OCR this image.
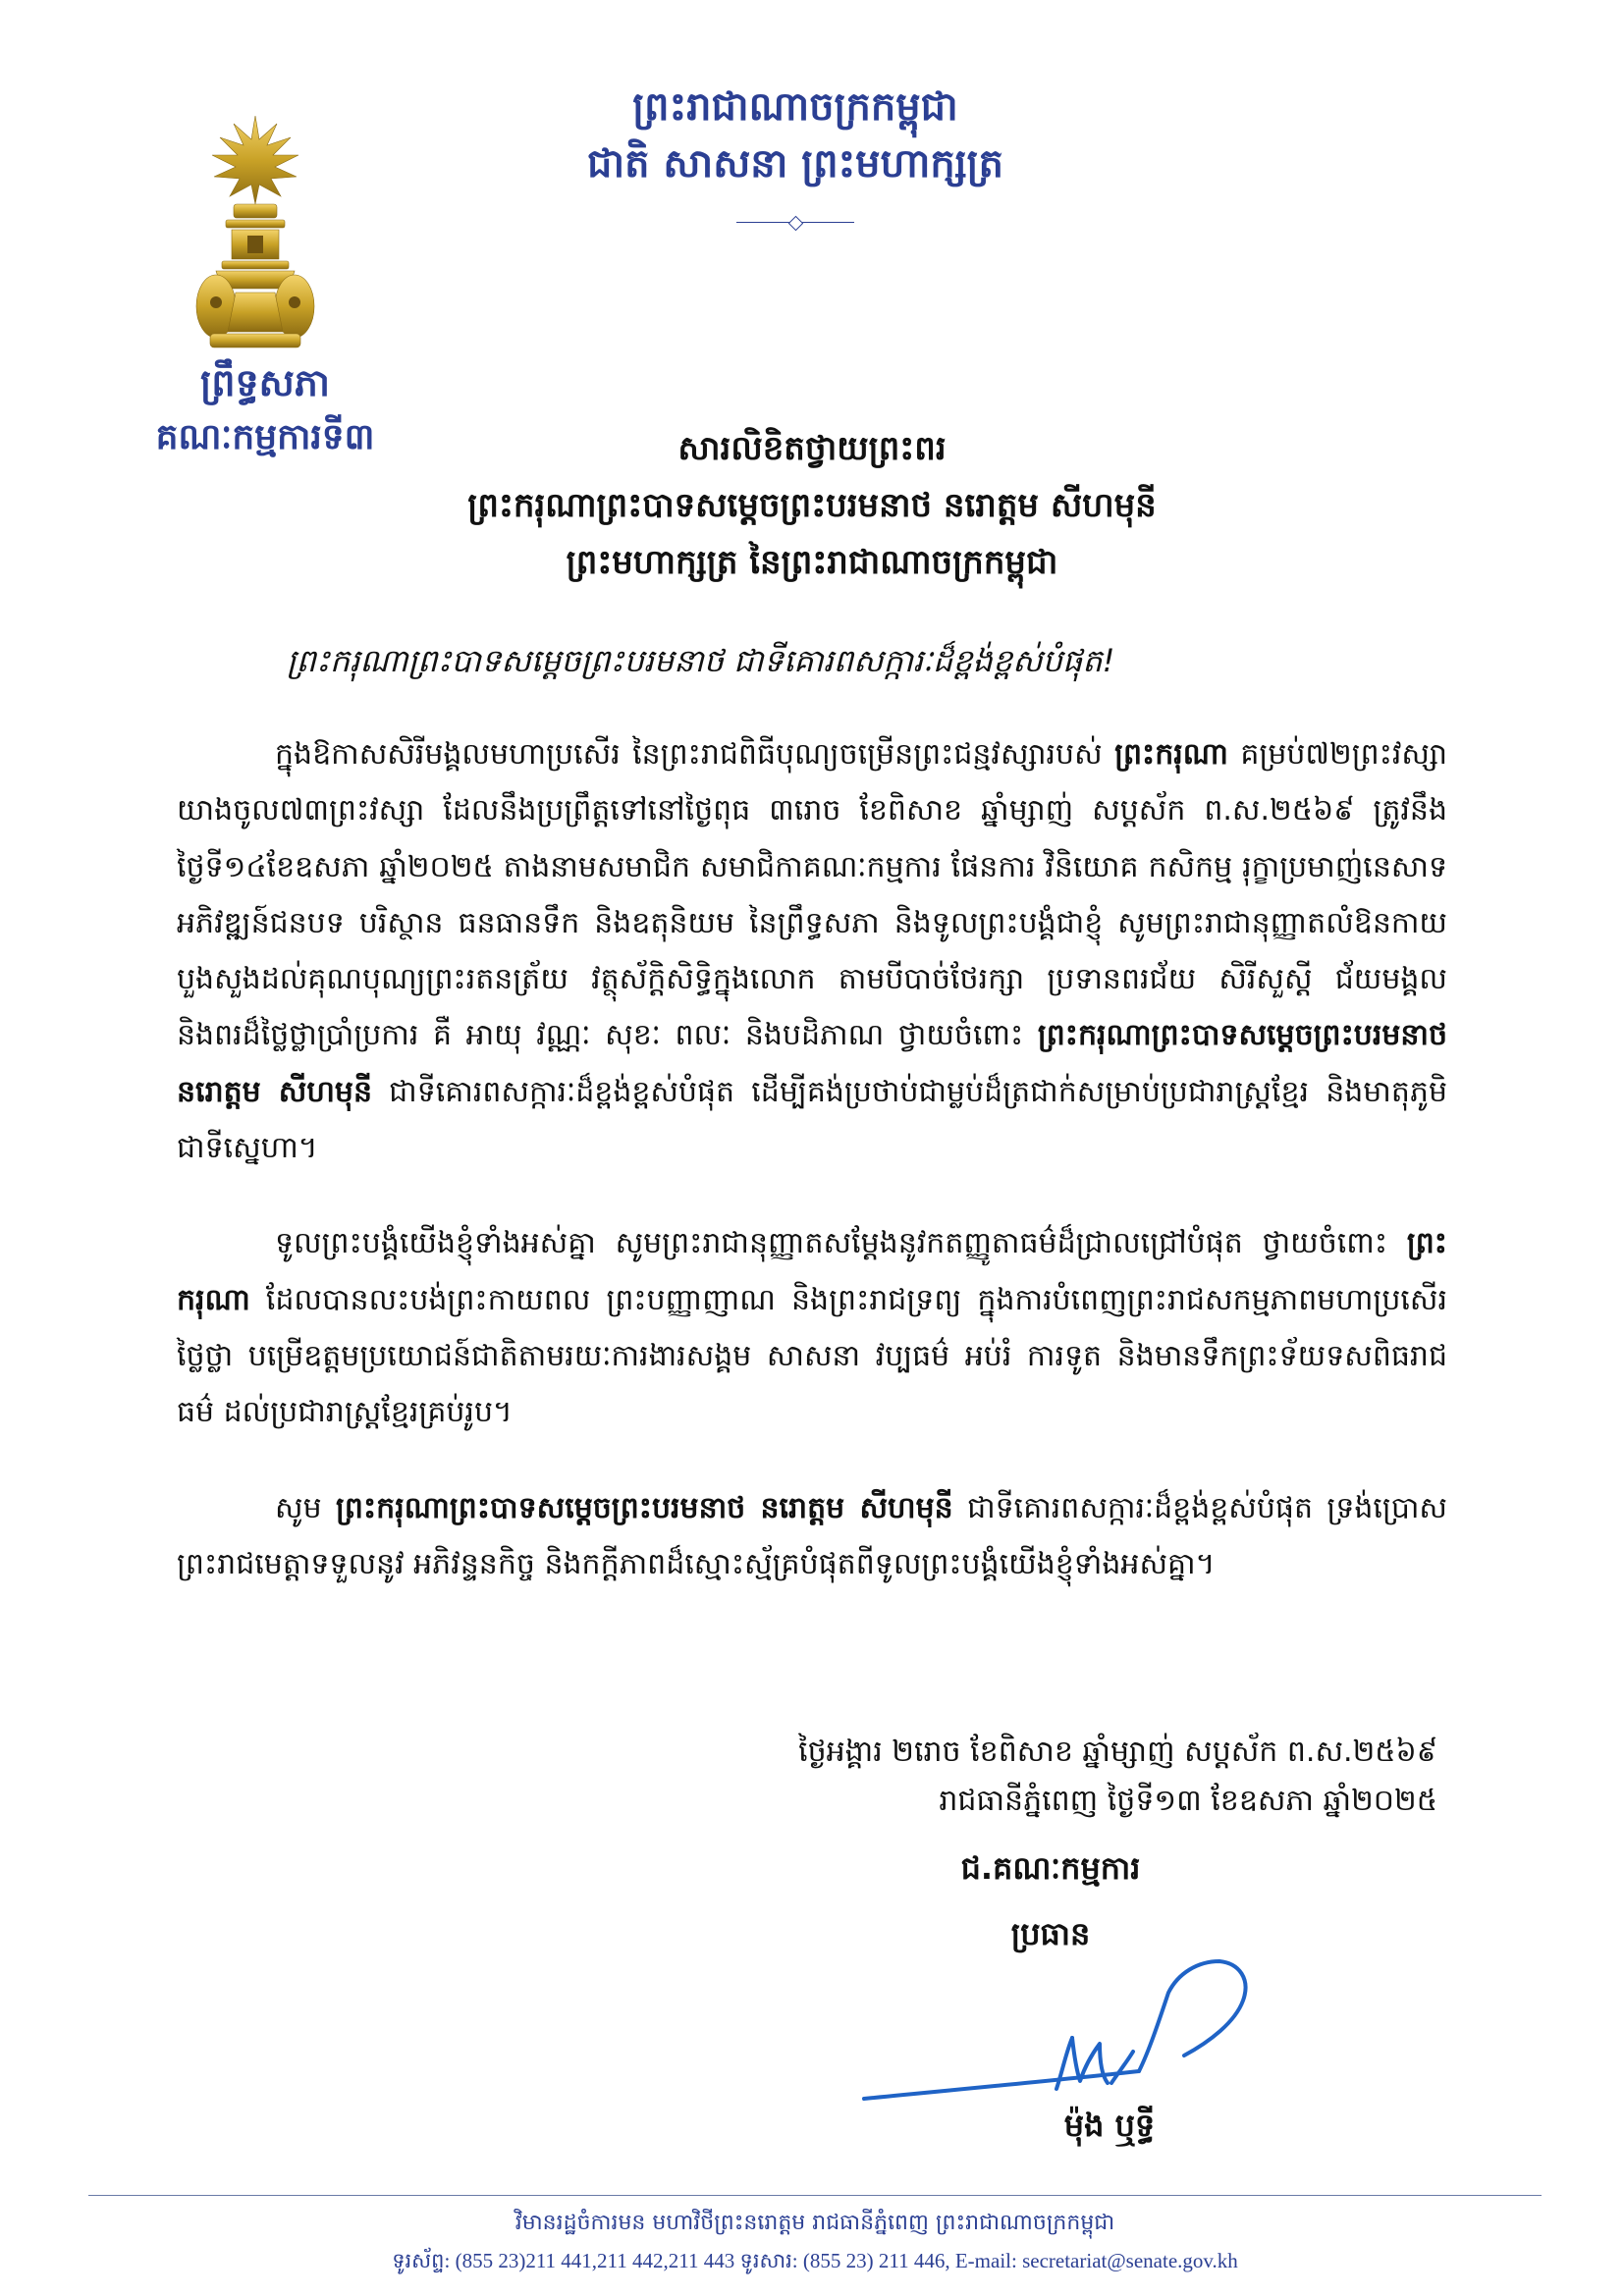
ព្រះរាជាណាចក្រកម្ពុជា
ជាតិ សាសនា ព្រះមហាក្សត្រ
ព្រឹទ្ធសភា
គណៈកម្មការទី៣	សារលិខិតថ្វាយព្រះពរ
ព្រះករុណាព្រះបាទសម្តេចព្រះបរមនាថ នរោត្តម សីហមុនី
ព្រះមហាក្សត្រ នៃព្រះរាជាណាចក្រកម្ពុជា
ព្រះករុណាព្រះបាទសម្តេចព្រះបរមនាថ ជាទីគោរពសក្ការៈដ៏ខ្ពង់ខ្ពស់បំផុត!

ក្នុងឱកាសសិរីមង្គលមហាប្រសើរ នៃព្រះរាជពិធីបុណ្យចម្រើនព្រះជន្មវស្សារបស់ ព្រះករុណា គម្រប់៧២ព្រះវស្សា យាងចូល៧៣ព្រះវស្សា ដែលនឹងប្រព្រឹត្តទៅនៅថ្ងៃពុធ ៣រោច ខែពិសាខ ឆ្នាំម្សាញ់ សប្តស័ក ព.ស.២៥៦៩ ត្រូវនឹងថ្ងៃទី១៤ខែឧសភា ឆ្នាំ២០២៥ តាងនាមសមាជិក សមាជិកាគណៈកម្មការ ផែនការ វិនិយោគ កសិកម្ម រុក្ខាប្រមាញ់នេសាទ អភិវឌ្ឍន៍ជនបទ បរិស្ថាន ធនធានទឹក និងឧតុនិយម នៃព្រឹទ្ធសភា និងទូលព្រះបង្គំជាខ្ញុំ សូមព្រះរាជានុញ្ញាតលំឱនកាយ បួងសួងដល់គុណបុណ្យព្រះរតនត្រ័យ វត្ថុស័ក្តិសិទ្ធិក្នុងលោក តាមបីបាច់ថែរក្សា ប្រទានពរជ័យ សិរីសួស្តី ជ័យមង្គល និងពរដ៏ថ្លៃថ្លាប្រាំប្រការ គឺ អាយុ វណ្ណៈ សុខៈ ពលៈ និងបដិភាណ ថ្វាយចំពោះ ព្រះករុណាព្រះបាទសម្តេចព្រះបរមនាថ នរោត្តម សីហមុនី ជាទីគោរពសក្ការៈដ៏ខ្ពង់ខ្ពស់បំផុត ដើម្បីគង់ប្រថាប់ជាម្លប់ដ៏ត្រជាក់សម្រាប់ប្រជារាស្ត្រខ្មែរ និងមាតុភូមិជាទីស្នេហា។

ទូលព្រះបង្គំយើងខ្ញុំទាំងអស់គ្នា សូមព្រះរាជានុញ្ញាតសម្តែងនូវកតញ្ញូតាធម៌ដ៏ជ្រាលជ្រៅបំផុត ថ្វាយចំពោះ ព្រះករុណា ដែលបានលះបង់ព្រះកាយពល ព្រះបញ្ញាញាណ និងព្រះរាជទ្រព្យ ក្នុងការបំពេញព្រះរាជសកម្មភាពមហាប្រសើរថ្លៃថ្លា បម្រើឧត្តមប្រយោជន៍ជាតិតាមរយៈការងារសង្គម សាសនា វប្បធម៌ អប់រំ ការទូត និងមានទឹកព្រះទ័យទសពិធរាជធម៌ ដល់ប្រជារាស្ត្រខ្មែរគ្រប់រូប។

សូម ព្រះករុណាព្រះបាទសម្តេចព្រះបរមនាថ នរោត្តម សីហមុនី ជាទីគោរពសក្ការៈដ៏ខ្ពង់ខ្ពស់បំផុត ទ្រង់ប្រោសព្រះរាជមេត្តាទទួលនូវ អភិវន្ទនកិច្ច និងកក្តីភាពដ៏ស្មោះស្ម័គ្របំផុតពីទូលព្រះបង្គំយើងខ្ញុំទាំងអស់គ្នា។

ថ្ងៃអង្គារ ២រោច ខែពិសាខ ឆ្នាំម្សាញ់ សប្តស័ក ព.ស.២៥៦៩
រាជធានីភ្នំពេញ ថ្ងៃទី១៣ ខែឧសភា ឆ្នាំ២០២៥
ជ.គណៈកម្មការ
ប្រធាន
ម៉ុង ឬទ្ធី
វិមានរដ្ឋចំការមន មហាវិថីព្រះនរោត្តម រាជធានីភ្នំពេញ ព្រះរាជាណាចក្រកម្ពុជា
ទូរស័ព្ទ: (855 23)211 441,211 442,211 443 ទូរសារ: (855 23) 211 446, E-mail: secretariat@senate.gov.kh
